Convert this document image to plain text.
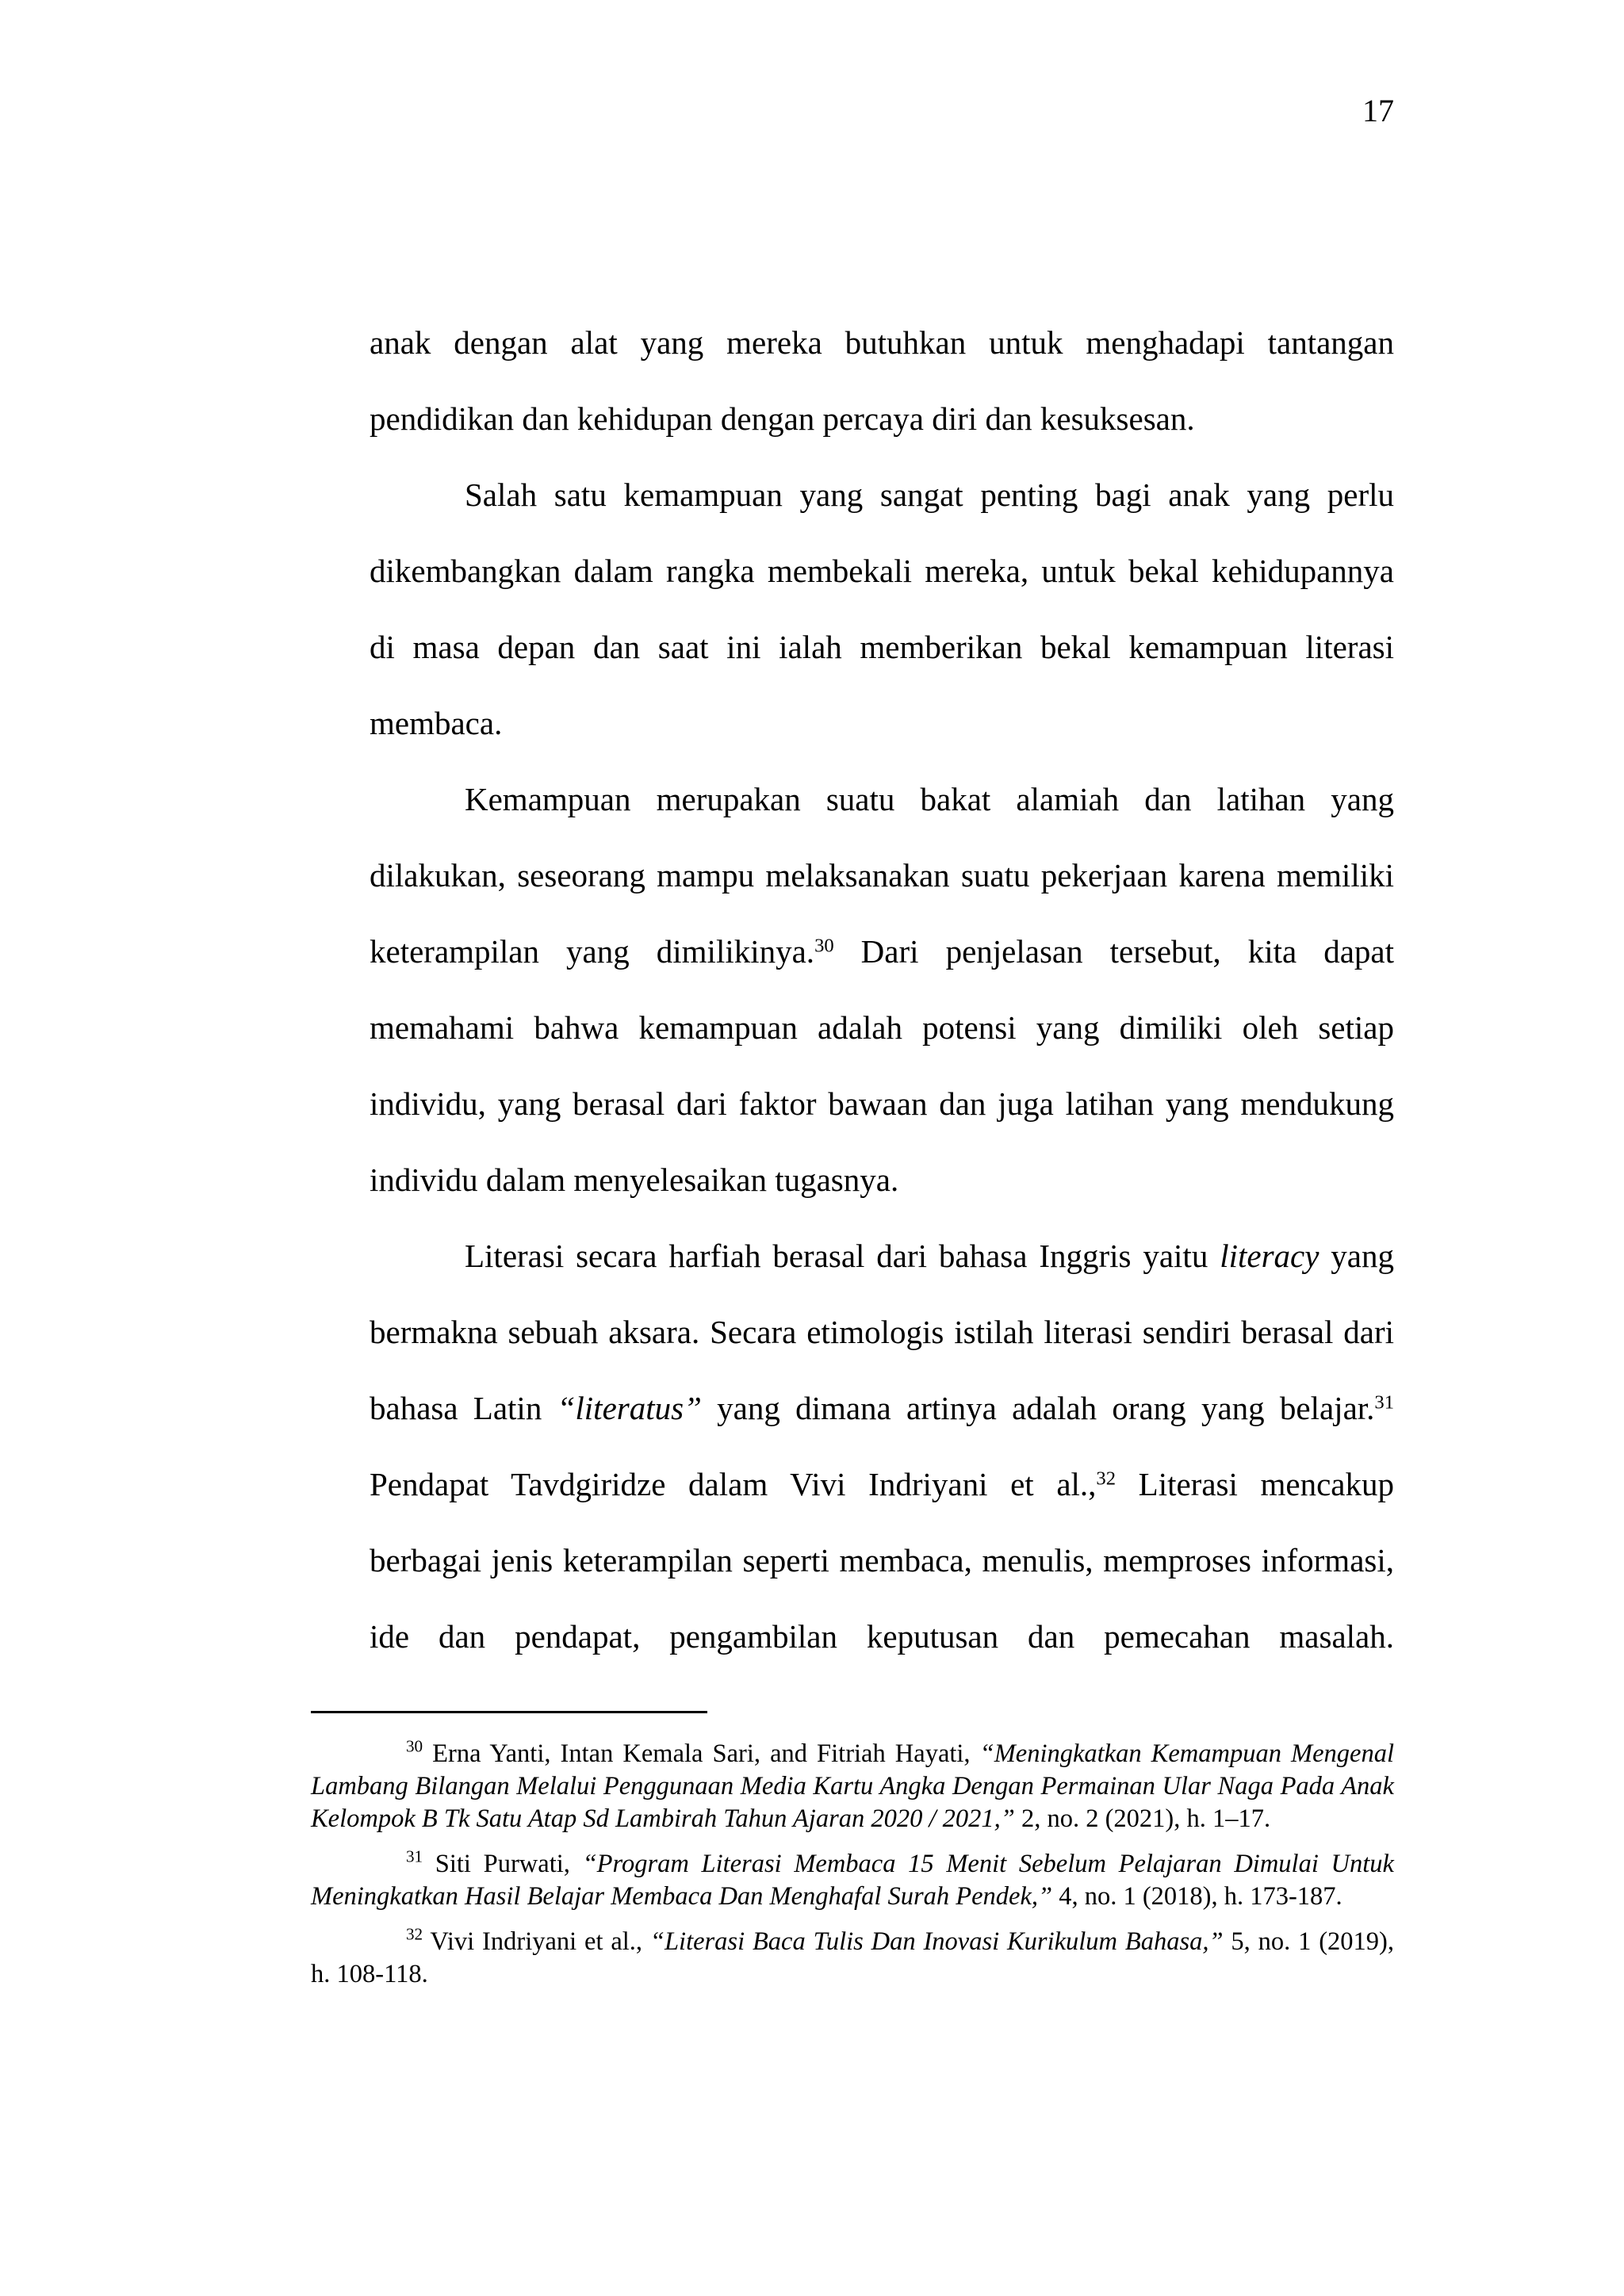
17

anak dengan alat yang mereka butuhkan untuk menghadapi tantangan pendidikan dan kehidupan dengan percaya diri dan kesuksesan.

Salah satu kemampuan yang sangat penting bagi anak yang perlu dikembangkan dalam rangka membekali mereka, untuk bekal kehidupannya di masa depan dan saat ini ialah memberikan bekal kemampuan literasi membaca.

Kemampuan merupakan suatu bakat alamiah dan latihan yang dilakukan, seseorang mampu melaksanakan suatu pekerjaan karena memiliki keterampilan yang dimilikinya.$^{30}$ Dari penjelasan tersebut, kita dapat memahami bahwa kemampuan adalah potensi yang dimiliki oleh setiap individu, yang berasal dari faktor bawaan dan juga latihan yang mendukung individu dalam menyelesaikan tugasnya.

Literasi secara harfiah berasal dari bahasa Inggris yaitu literacy yang bermakna sebuah aksara. Secara etimologis istilah literasi sendiri berasal dari bahasa Latin “literatus” yang dimana artinya adalah orang yang belajar.$^{31}$ Pendapat Tavdgiridze dalam Vivi Indriyani et al.,$^{32}$ Literasi mencakup berbagai jenis keterampilan seperti membaca, menulis, memproses informasi, ide dan pendapat, pengambilan keputusan dan pemecahan masalah.

$^{30}$ Erna Yanti, Intan Kemala Sari, and Fitriah Hayati, “Meningkatkan Kemampuan Mengenal Lambang Bilangan Melalui Penggunaan Media Kartu Angka Dengan Permainan Ular Naga Pada Anak Kelompok B Tk Satu Atap Sd Lambirah Tahun Ajaran 2020 / 2021,” 2, no. 2 (2021), h. 1–17.

$^{31}$ Siti Purwati, “Program Literasi Membaca 15 Menit Sebelum Pelajaran Dimulai Untuk Meningkatkan Hasil Belajar Membaca Dan Menghafal Surah Pendek,” 4, no. 1 (2018), h. 173-187.

$^{32}$ Vivi Indriyani et al., “Literasi Baca Tulis Dan Inovasi Kurikulum Bahasa,” 5, no. 1 (2019), h. 108-118.
